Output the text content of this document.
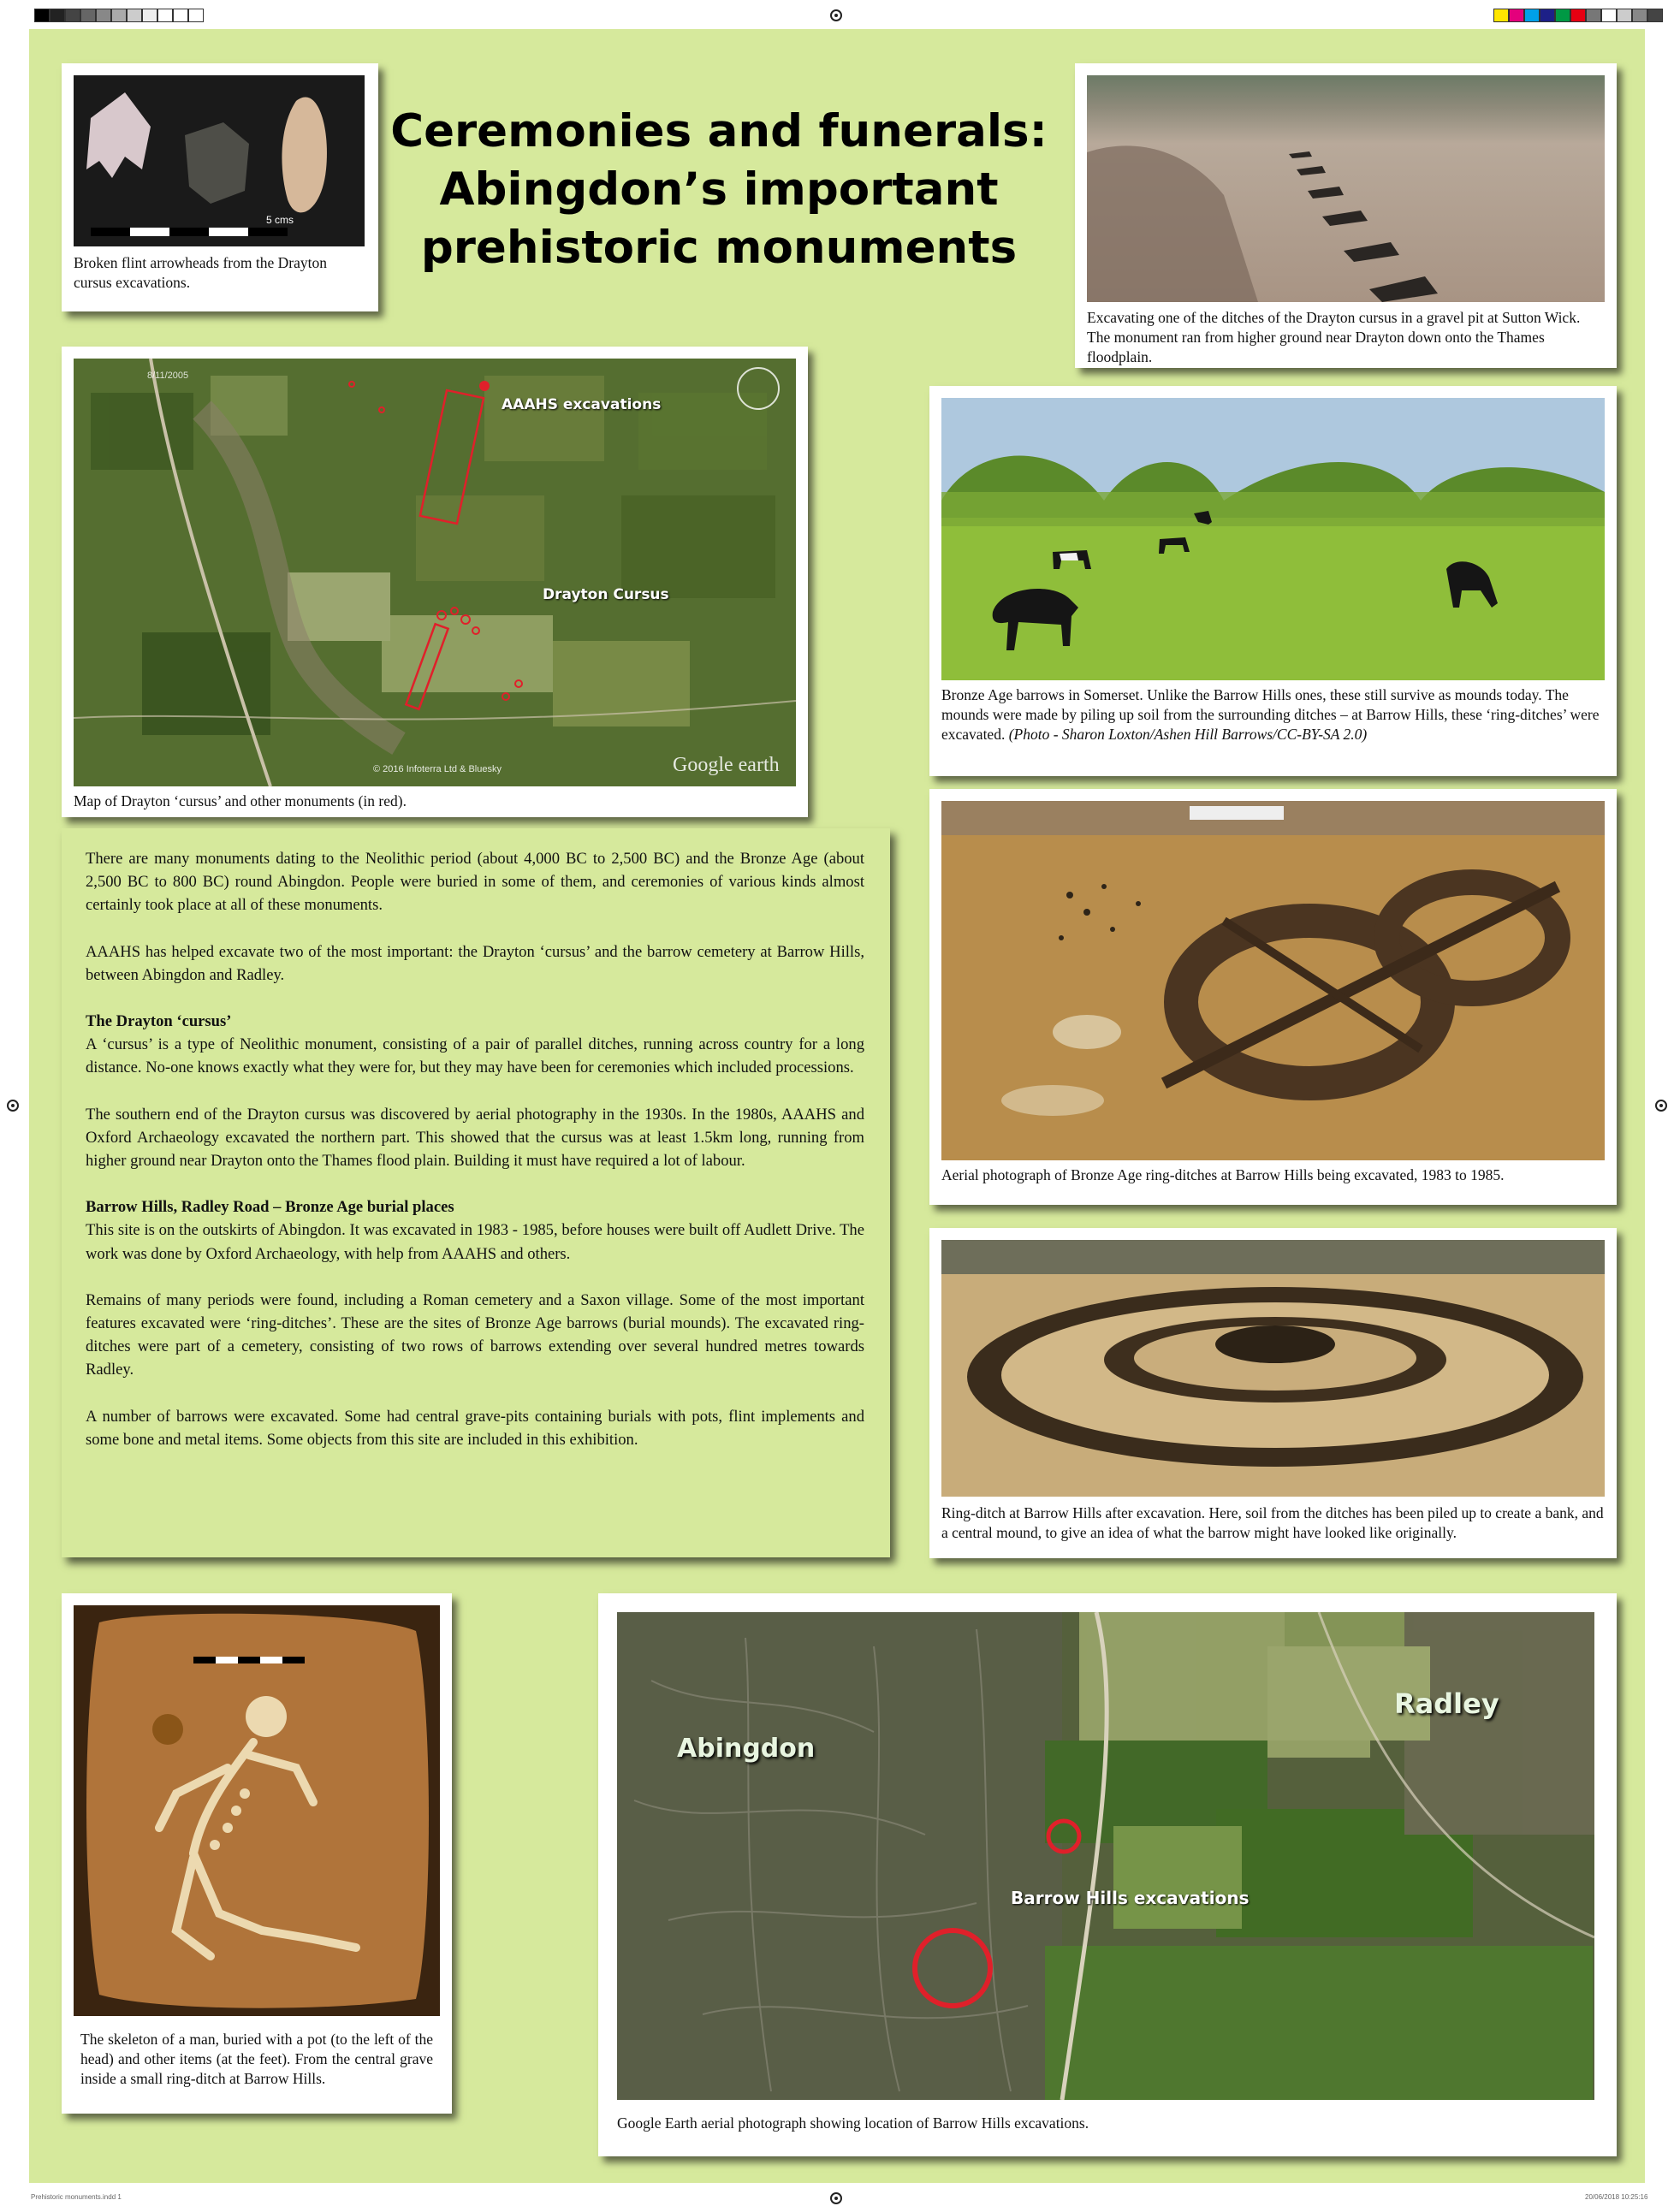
Ceremonies and funerals:
Abingdon’s important
prehistoric monuments
5 cms
Broken flint arrowheads from the Drayton cursus excavations.
Excavating one of the ditches of the Drayton cursus in a gravel pit at Sutton Wick. The monument ran from higher ground near Drayton down onto the Thames floodplain.
AAAHS excavations
Drayton Cursus
8/11/2005
© 2016 Infoterra Ltd & Bluesky	Google earth
Map of Drayton ‘cursus’ and other monuments (in red).
Bronze Age barrows in Somerset. Unlike the Barrow Hills ones, these still survive as mounds today. The mounds were made by piling up soil from the surrounding ditches – at Barrow Hills, these ‘ring-ditches’ were excavated. (Photo - Sharon Loxton/Ashen Hill Barrows/CC-BY-SA 2.0)
Aerial photograph of Bronze Age ring-ditches at Barrow Hills being excavated, 1983 to 1985.
Ring-ditch at Barrow Hills after excavation. Here, soil from the ditches has been piled up to create a bank, and a central mound, to give an idea of what the barrow might have looked like originally.

There are many monuments dating to the Neolithic period (about 4,000 BC to 2,500 BC) and the Bronze Age (about 2,500 BC to 800 BC) round Abingdon. People were buried in some of them, and ceremonies of various kinds almost certainly took place at all of these monuments.

AAAHS has helped excavate two of the most important: the Drayton ‘cursus’ and the barrow cemetery at Barrow Hills, between Abingdon and Radley.

The Drayton ‘cursus’

A ‘cursus’ is a type of Neolithic monument, consisting of a pair of parallel ditches, running across country for a long distance. No-one knows exactly what they were for, but they may have been for ceremonies which included processions.

The southern end of the Drayton cursus was discovered by aerial photography in the 1930s. In the 1980s, AAAHS and Oxford Archaeology excavated the northern part. This showed that the cursus was at least 1.5km long, running from higher ground near Drayton onto the Thames flood plain. Building it must have required a lot of labour.

Barrow Hills, Radley Road – Bronze Age burial places

This site is on the outskirts of Abingdon. It was excavated in 1983 - 1985, before houses were built off Audlett Drive. The work was done by Oxford Archaeology, with help from AAAHS and others.

Remains of many periods were found, including a Roman cemetery and a Saxon village. Some of the most important features excavated were ‘ring-ditches’. These are the sites of Bronze Age barrows (burial mounds). The excavated ring-ditches were part of a cemetery, consisting of two rows of barrows extending over several hundred metres towards Radley.

A number of barrows were excavated. Some had central grave-pits containing burials with pots, flint implements and some bone and metal items. Some objects from this site are included in this exhibition.

The skeleton of a man, buried with a pot (to the left of the head) and other items (at the feet). From the central grave inside a small ring-ditch at Barrow Hills.
Abingdon
Radley
Barrow Hills excavations
Google Earth aerial photograph showing location of Barrow Hills excavations.
Prehistoric monuments.indd 1	20/06/2018 10:25:16
